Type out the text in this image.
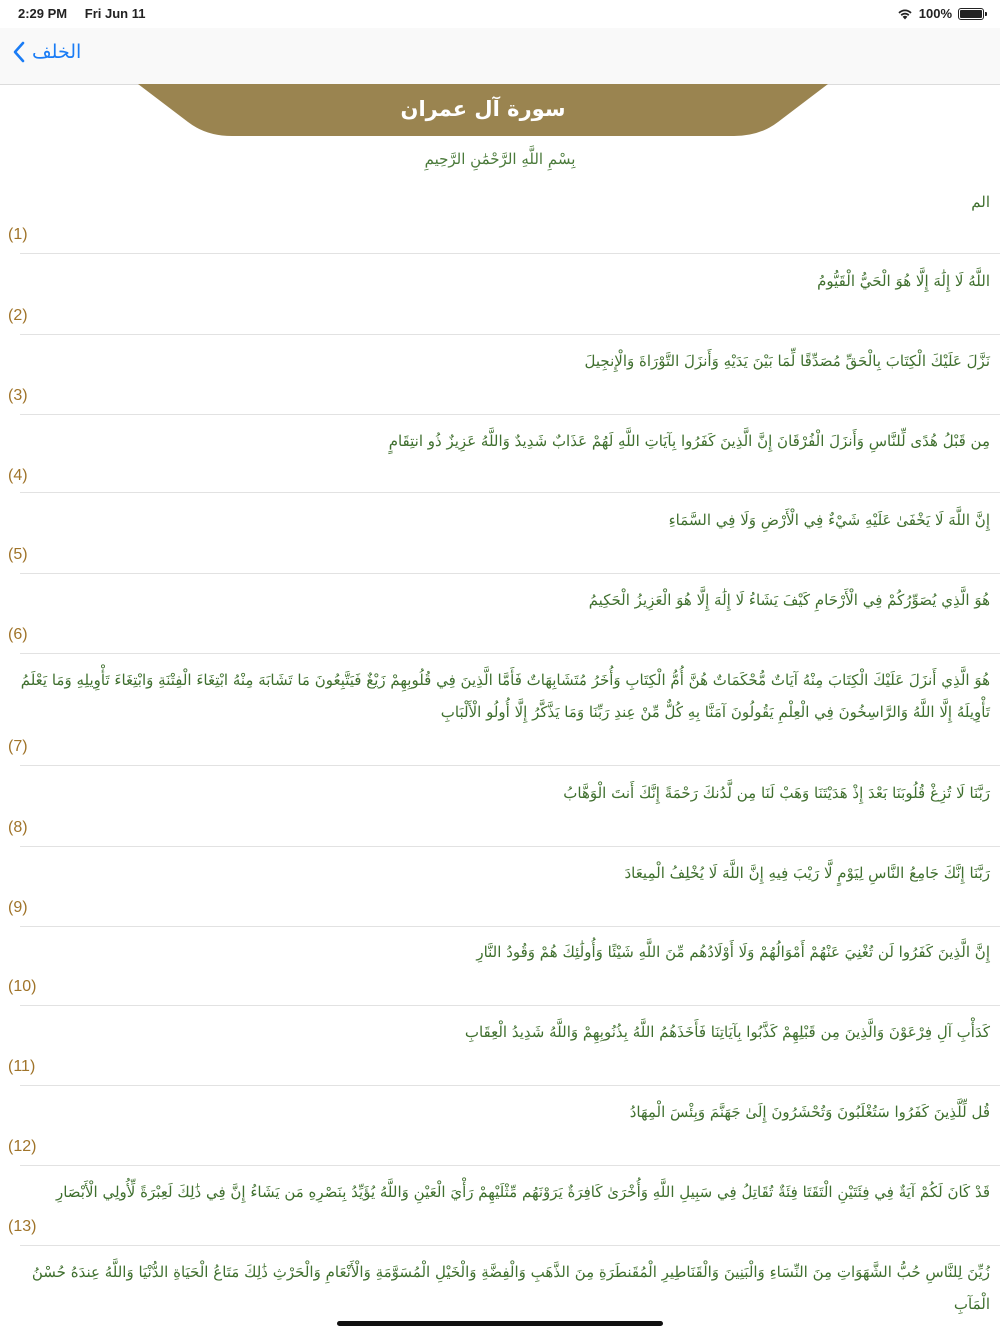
2:29 PM Fri Jun 11	100%
الخلف
سورة آل عمران
بِسْمِ اللَّهِ الرَّحْمَٰنِ الرَّحِيمِ
الم
(1)
اللَّهُ لَا إِلَٰهَ إِلَّا هُوَ الْحَيُّ الْقَيُّومُ
(2)
نَزَّلَ عَلَيْكَ الْكِتَابَ بِالْحَقِّ مُصَدِّقًا لِّمَا بَيْنَ يَدَيْهِ وَأَنزَلَ التَّوْرَاةَ وَالْإِنجِيلَ
(3)
مِن قَبْلُ هُدًى لِّلنَّاسِ وَأَنزَلَ الْفُرْقَانَ إِنَّ الَّذِينَ كَفَرُوا بِآيَاتِ اللَّهِ لَهُمْ عَذَابٌ شَدِيدٌ وَاللَّهُ عَزِيزٌ ذُو انتِقَامٍ
(4)
إِنَّ اللَّهَ لَا يَخْفَىٰ عَلَيْهِ شَيْءٌ فِي الْأَرْضِ وَلَا فِي السَّمَاءِ
(5)
هُوَ الَّذِي يُصَوِّرُكُمْ فِي الْأَرْحَامِ كَيْفَ يَشَاءُ لَا إِلَٰهَ إِلَّا هُوَ الْعَزِيزُ الْحَكِيمُ
(6)
هُوَ الَّذِي أَنزَلَ عَلَيْكَ الْكِتَابَ مِنْهُ آيَاتٌ مُّحْكَمَاتٌ هُنَّ أُمُّ الْكِتَابِ وَأُخَرُ مُتَشَابِهَاتٌ فَأَمَّا الَّذِينَ فِي قُلُوبِهِمْ زَيْغٌ فَيَتَّبِعُونَ مَا تَشَابَهَ مِنْهُ ابْتِغَاءَ الْفِتْنَةِ وَابْتِغَاءَ تَأْوِيلِهِ وَمَا يَعْلَمُ تَأْوِيلَهُ إِلَّا اللَّهُ وَالرَّاسِخُونَ فِي الْعِلْمِ يَقُولُونَ آمَنَّا بِهِ كُلٌّ مِّنْ عِندِ رَبِّنَا وَمَا يَذَّكَّرُ إِلَّا أُولُو الْأَلْبَابِ
(7)
رَبَّنَا لَا تُزِغْ قُلُوبَنَا بَعْدَ إِذْ هَدَيْتَنَا وَهَبْ لَنَا مِن لَّدُنكَ رَحْمَةً إِنَّكَ أَنتَ الْوَهَّابُ
(8)
رَبَّنَا إِنَّكَ جَامِعُ النَّاسِ لِيَوْمٍ لَّا رَيْبَ فِيهِ إِنَّ اللَّهَ لَا يُخْلِفُ الْمِيعَادَ
(9)
إِنَّ الَّذِينَ كَفَرُوا لَن تُغْنِيَ عَنْهُمْ أَمْوَالُهُمْ وَلَا أَوْلَادُهُم مِّنَ اللَّهِ شَيْئًا وَأُولَٰئِكَ هُمْ وَقُودُ النَّارِ
(10)
كَدَأْبِ آلِ فِرْعَوْنَ وَالَّذِينَ مِن قَبْلِهِمْ كَذَّبُوا بِآيَاتِنَا فَأَخَذَهُمُ اللَّهُ بِذُنُوبِهِمْ وَاللَّهُ شَدِيدُ الْعِقَابِ
(11)
قُل لِّلَّذِينَ كَفَرُوا سَتُغْلَبُونَ وَتُحْشَرُونَ إِلَىٰ جَهَنَّمَ وَبِئْسَ الْمِهَادُ
(12)
قَدْ كَانَ لَكُمْ آيَةٌ فِي فِئَتَيْنِ الْتَقَتَا فِئَةٌ تُقَاتِلُ فِي سَبِيلِ اللَّهِ وَأُخْرَىٰ كَافِرَةٌ يَرَوْنَهُم مِّثْلَيْهِمْ رَأْيَ الْعَيْنِ وَاللَّهُ يُؤَيِّدُ بِنَصْرِهِ مَن يَشَاءُ إِنَّ فِي ذَٰلِكَ لَعِبْرَةً لِّأُولِي الْأَبْصَارِ
(13)
زُيِّنَ لِلنَّاسِ حُبُّ الشَّهَوَاتِ مِنَ النِّسَاءِ وَالْبَنِينَ وَالْقَنَاطِيرِ الْمُقَنطَرَةِ مِنَ الذَّهَبِ وَالْفِضَّةِ وَالْخَيْلِ الْمُسَوَّمَةِ وَالْأَنْعَامِ وَالْحَرْثِ ذَٰلِكَ مَتَاعُ الْحَيَاةِ الدُّنْيَا وَاللَّهُ عِندَهُ حُسْنُ الْمَآبِ
